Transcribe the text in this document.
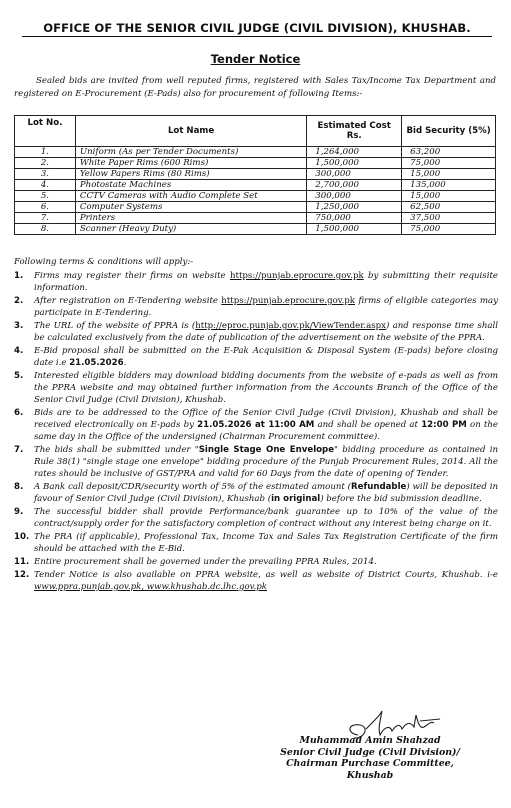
OFFICE OF THE SENIOR CIVIL JUDGE (CIVIL DIVISION), KHUSHAB.
Tender Notice
Sealed bids are invited from well reputed firms, registered with Sales Tax/Income Tax Department and registered on E-Procurement (E-Pads) also for procurement of following Items:-
Lot No.	Lot Name	Estimated Cost Rs.	Bid Security (5%)
1.	Uniform (As per Tender Documents)	1,264,000	63,200
2.	White Paper Rims (600 Rims)	1,500,000	75,000
3.	Yellow Papers Rims (80 Rims)	300,000	15,000
4.	Photostate Machines	2,700,000	135,000
5.	CCTV Cameras with Audio Complete Set	300,000	15,000
6.	Computer Systems	1,250,000	62,500
7.	Printers	750,000	37,500
8.	Scanner (Heavy Duty)	1,500,000	75,000
Following terms & conditions will apply:-
1. Firms may register their firms on website https://punjab.eprocure.gov.pk by submitting their requisite information.
2. After registration on E-Tendering website https://punjab.eprocure.gov.pk firms of eligible categories may participate in E-Tendering.
3. The URL of the website of PPRA is (http://eproc.punjab.gov.pk/ViewTender.aspx) and response time shall be calculated exclusively from the date of publication of the advertisement on the website of the PPRA.
4. E-Bid proposal shall be submitted on the E-Pak Acquisition & Disposal System (E-pads) before closing date i.e 21.05.2026.
5. Interested eligible bidders may download bidding documents from the website of e-pads as well as from the PPRA website and may obtained further information from the Accounts Branch of the Office of the Senior Civil Judge (Civil Division), Khushab.
6. Bids are to be addressed to the Office of the Senior Civil Judge (Civil Division), Khushab and shall be received electronically on E-pads by 21.05.2026 at 11:00 AM and shall be opened at 12:00 PM on the same day in the Office of the undersigned (Chairman Procurement committee).
7. The bids shall be submitted under "Single Stage One Envelope" bidding procedure as contained in Rule 38(1) "single stage one envelope" bidding procedure of the Punjab Procurement Rules, 2014. All the rates should be inclusive of GST/PRA and valid for 60 Days from the date of opening of Tender.
8. A Bank call deposit/CDR/security worth of 5% of the estimated amount (Refundable) will be deposited in favour of Senior Civil Judge (Civil Division), Khushab (in original) before the bid submission deadline.
9. The successful bidder shall provide Performance/bank guarantee up to 10% of the value of the contract/supply order for the satisfactory completion of contract without any interest being charge on it.
10. The PRA (if applicable), Professional Tax, Income Tax and Sales Tax Registration Certificate of the firm should be attached with the E-Bid.
11. Entire procurement shall be governed under the prevailing PPRA Rules, 2014.
12. Tender Notice is also available on PPRA website, as well as website of District Courts, Khushab. i-e www.ppra.punjab.gov.pk, www.khushab.dc.lhc.gov.pk
Muhammad Amin Shahzad
Senior Civil Judge (Civil Division)/
Chairman Purchase Committee,
Khushab
